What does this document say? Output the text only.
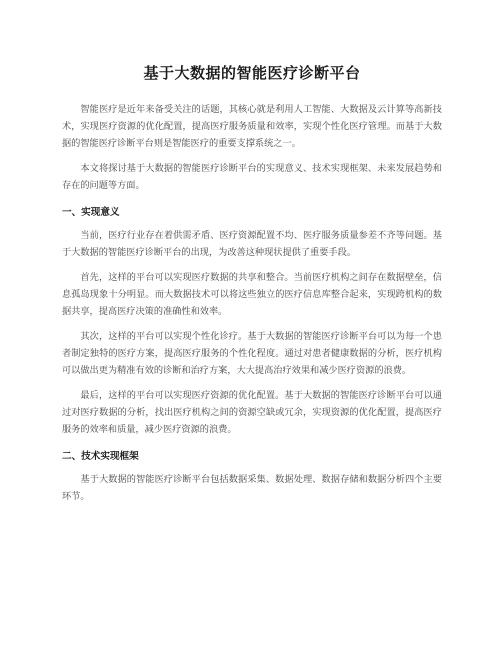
基于大数据的智能医疗诊断平台

智能医疗是近年来备受关注的话题，其核心就是利用人工智能、大数据及云计算等高新技术，实现医疗资源的优化配置，提高医疗服务质量和效率，实现个性化医疗管理。而基于大数据的智能医疗诊断平台则是智能医疗的重要支撑系统之一。

本文将探讨基于大数据的智能医疗诊断平台的实现意义、技术实现框架、未来发展趋势和存在的问题等方面。

一、实现意义

当前，医疗行业存在着供需矛盾、医疗资源配置不均、医疗服务质量参差不齐等问题。基于大数据的智能医疗诊断平台的出现，为改善这种现状提供了重要手段。

首先，这样的平台可以实现医疗数据的共享和整合。当前医疗机构之间存在数据壁垒，信息孤岛现象十分明显。而大数据技术可以将这些独立的医疗信息库整合起来，实现跨机构的数据共享，提高医疗决策的准确性和效率。

其次，这样的平台可以实现个性化诊疗。基于大数据的智能医疗诊断平台可以为每一个患者制定独特的医疗方案，提高医疗服务的个性化程度。通过对患者健康数据的分析，医疗机构可以做出更为精准有效的诊断和治疗方案，大大提高治疗效果和减少医疗资源的浪费。

最后，这样的平台可以实现医疗资源的优化配置。基于大数据的智能医疗诊断平台可以通过对医疗数据的分析，找出医疗机构之间的资源空缺或冗余，实现资源的优化配置，提高医疗服务的效率和质量，减少医疗资源的浪费。

二、技术实现框架

基于大数据的智能医疗诊断平台包括数据采集、数据处理、数据存储和数据分析四个主要环节。
